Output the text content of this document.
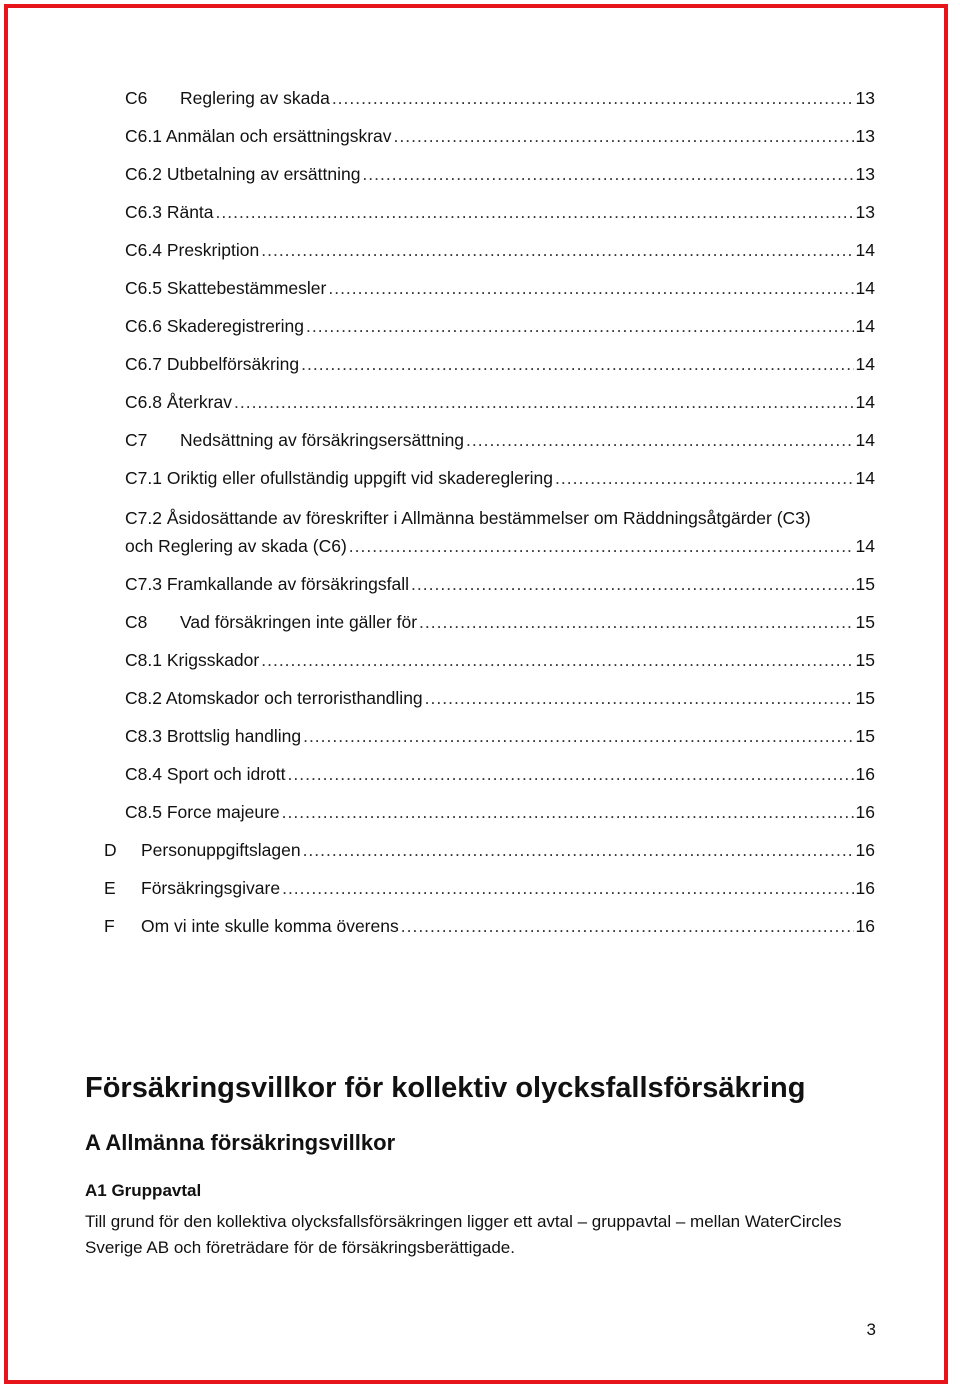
C6	Reglering av skada .....	13
C6.1 Anmälan och ersättningskrav .....	13
C6.2 Utbetalning av ersättning .....	13
C6.3 Ränta .....	13
C6.4 Preskription .....	14
C6.5 Skattebestämmesler .....	14
C6.6 Skaderegistrering .....	14
C6.7 Dubbelförsäkring .....	14
C6.8 Återkrav .....	14
C7	Nedsättning av försäkringsersättning .....	14
C7.1 Oriktig eller ofullständig uppgift vid skadereglering .....	14
C7.2 Åsidosättande av föreskrifter i Allmänna bestämmelser om Räddningsåtgärder (C3)
och Reglering av skada (C6) .....	14
C7.3 Framkallande av försäkringsfall .....	15
C8	Vad försäkringen inte gäller för .....	15
C8.1 Krigsskador .....	15
C8.2 Atomskador och terroristhandling .....	15
C8.3 Brottslig handling .....	15
C8.4 Sport och idrott .....	16
C8.5 Force majeure .....	16
D	Personuppgiftslagen .....	16
E	Försäkringsgivare .....	16
F	Om vi inte skulle komma överens .....	16
Försäkringsvillkor för kollektiv olycksfallsförsäkring
A Allmänna försäkringsvillkor
A1 Gruppavtal
Till grund för den kollektiva olycksfallsförsäkringen ligger ett avtal – gruppavtal – mellan WaterCircles Sverige AB och företrädare för de försäkringsberättigade.
3
